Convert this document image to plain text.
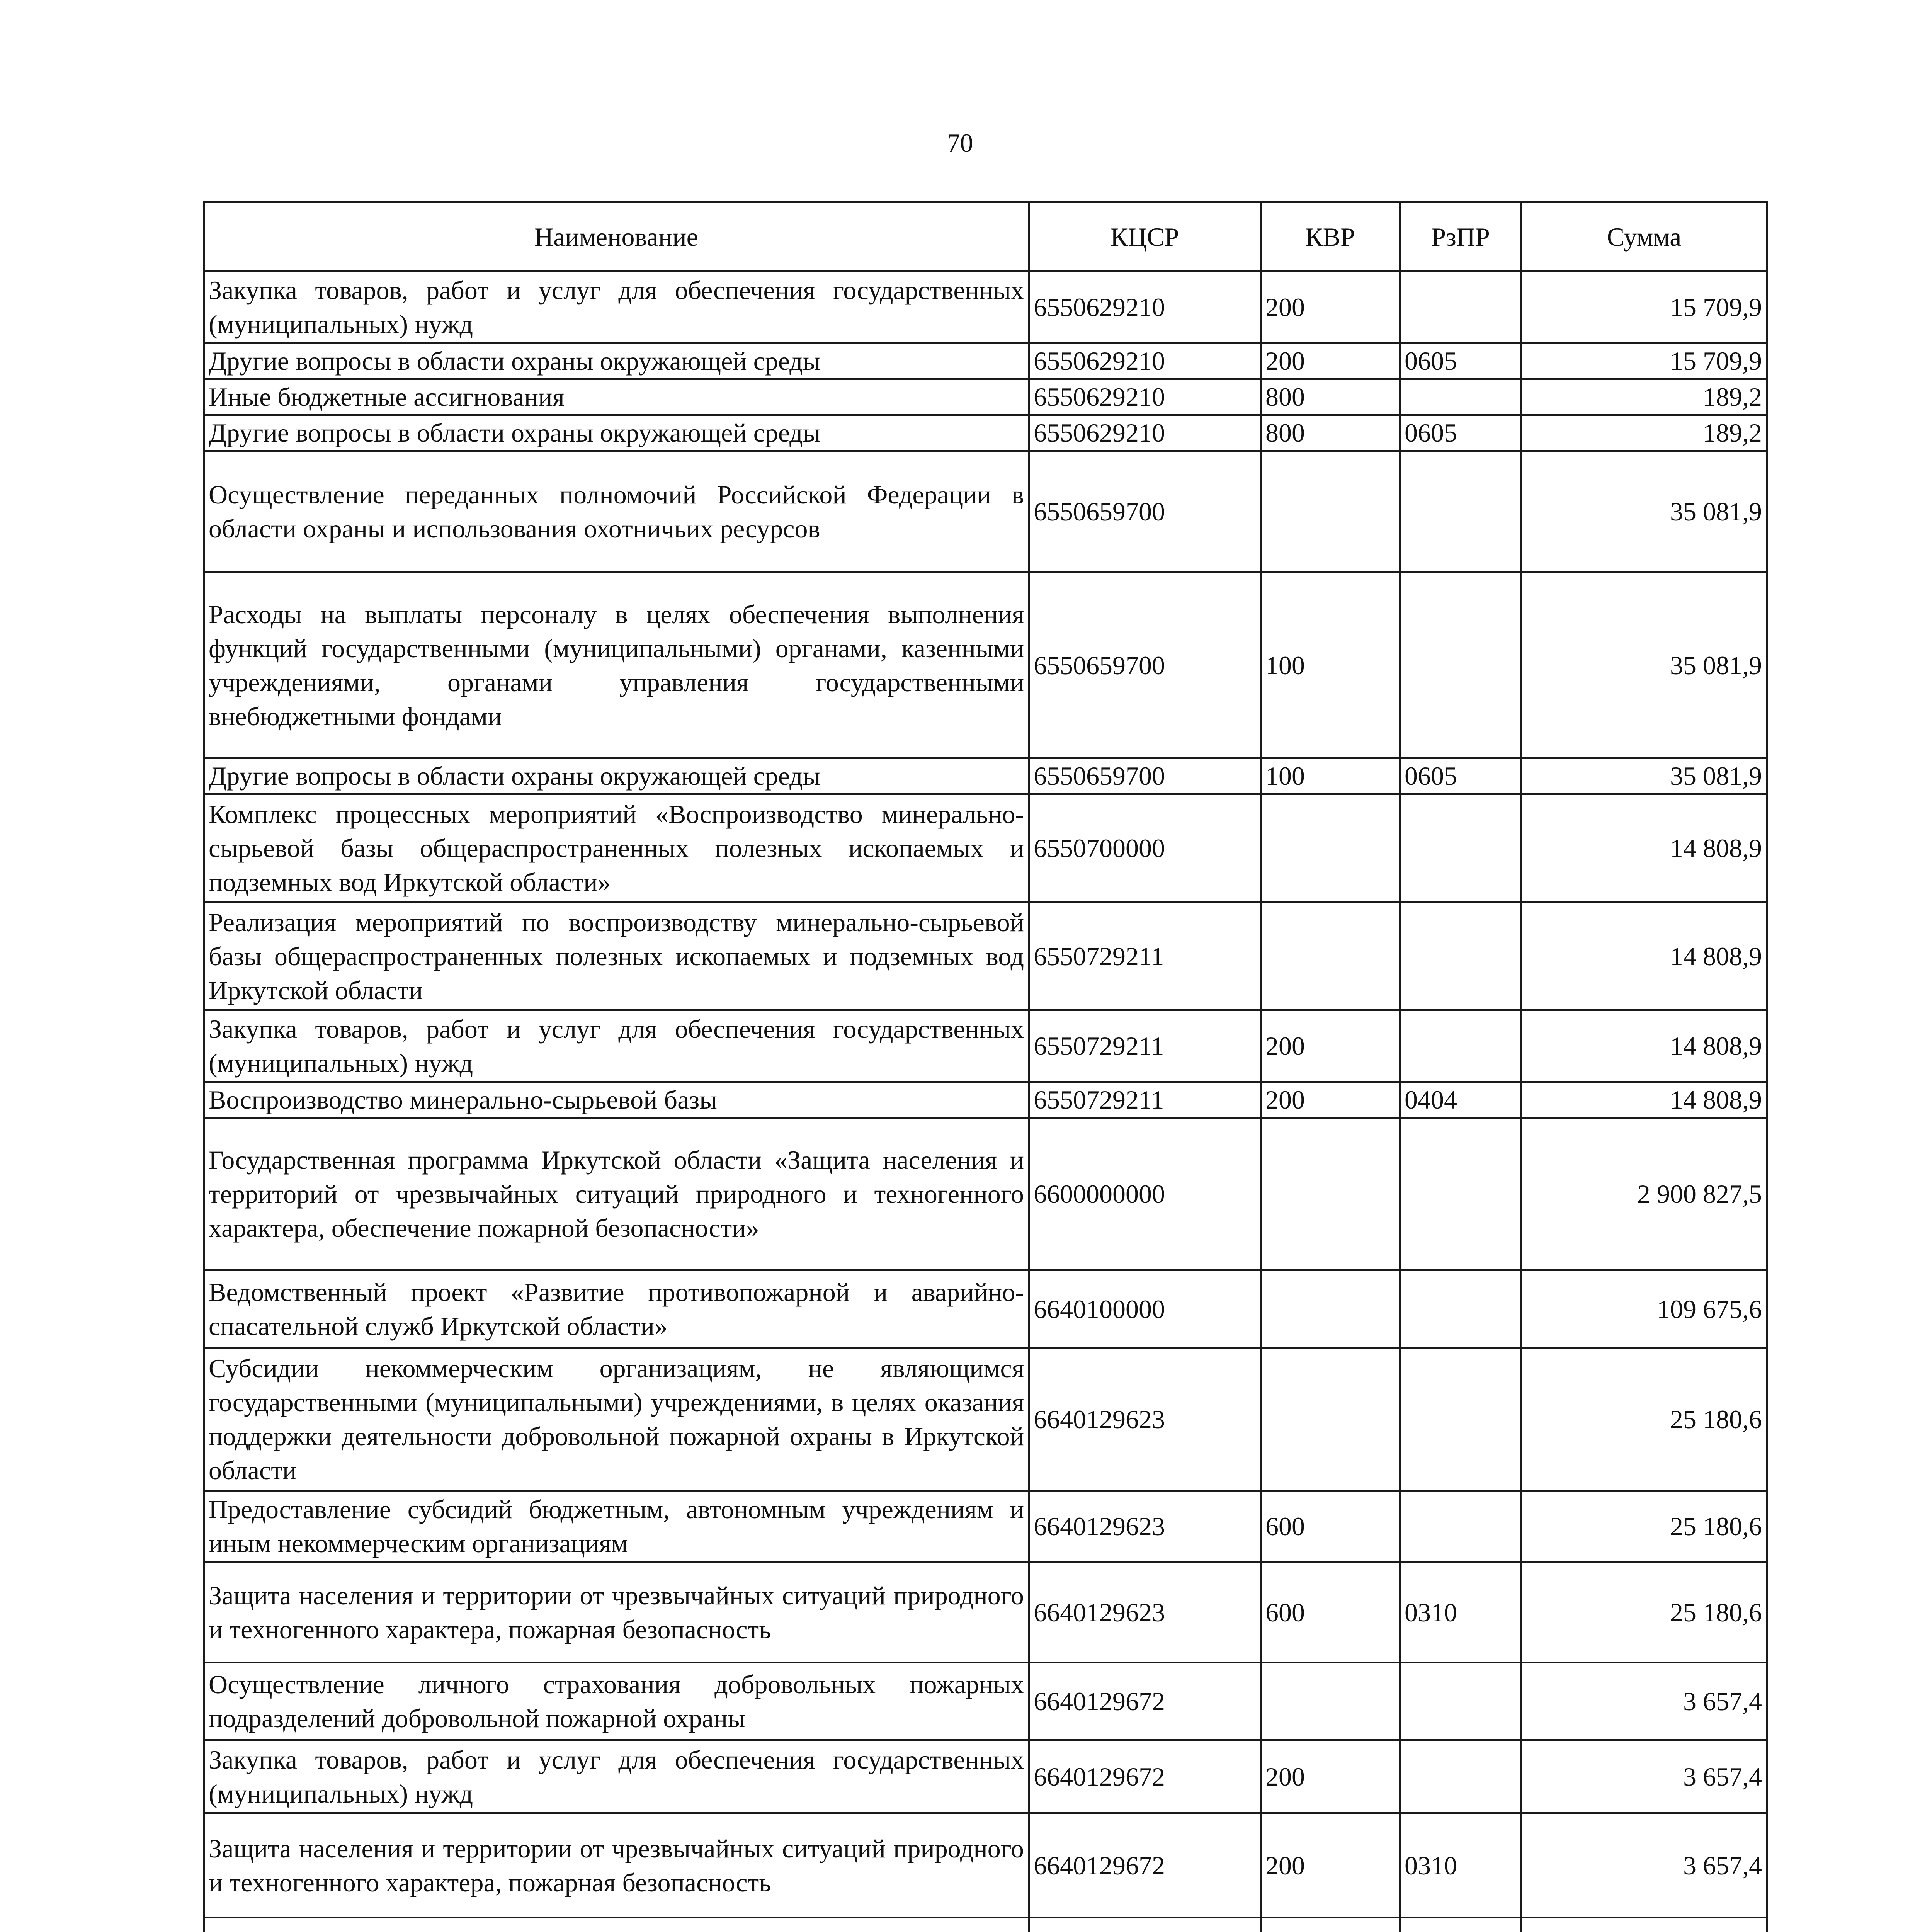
70
Наименование	КЦСР	КВР	РзПР	Сумма
Закупка товаров, работ и услуг для обеспечения государственных (муниципальных) нужд	6550629210	200		15 709,9
Другие вопросы в области охраны окружающей среды	6550629210	200	0605	15 709,9
Иные бюджетные ассигнования	6550629210	800		189,2
Другие вопросы в области охраны окружающей среды	6550629210	800	0605	189,2
Осуществление переданных полномочий Российской Федерации в области охраны и использования охотничьих ресурсов	6550659700			35 081,9
Расходы на выплаты персоналу в целях обеспечения выполнения функций государственными (муниципальными) органами, казенными учреждениями, органами управления государственными внебюджетными фондами	6550659700	100		35 081,9
Другие вопросы в области охраны окружающей среды	6550659700	100	0605	35 081,9
Комплекс процессных мероприятий «Воспроизводство минерально-сырьевой базы общераспространенных полезных ископаемых и подземных вод Иркутской области»	6550700000			14 808,9
Реализация мероприятий по воспроизводству минерально-сырьевой базы общераспространенных полезных ископаемых и подземных вод Иркутской области	6550729211			14 808,9
Закупка товаров, работ и услуг для обеспечения государственных (муниципальных) нужд	6550729211	200		14 808,9
Воспроизводство минерально-сырьевой базы	6550729211	200	0404	14 808,9
Государственная программа Иркутской области «Защита населения и территорий от чрезвычайных ситуаций природного и техногенного характера, обеспечение пожарной безопасности»	6600000000			2 900 827,5
Ведомственный проект «Развитие противопожарной и аварийно-спасательной служб Иркутской области»	6640100000			109 675,6
Субсидии некоммерческим организациям, не являющимся государственными (муниципальными) учреждениями, в целях оказания поддержки деятельности добровольной пожарной охраны в Иркутской области	6640129623			25 180,6
Предоставление субсидий бюджетным, автономным учреждениям и иным некоммерческим организациям	6640129623	600		25 180,6
Защита населения и территории от чрезвычайных ситуаций природного и техногенного характера, пожарная безопасность	6640129623	600	0310	25 180,6
Осуществление личного страхования добровольных пожарных подразделений добровольной пожарной охраны	6640129672			3 657,4
Закупка товаров, работ и услуг для обеспечения государственных (муниципальных) нужд	6640129672	200		3 657,4
Защита населения и территории от чрезвычайных ситуаций природного и техногенного характера, пожарная безопасность	6640129672	200	0310	3 657,4
